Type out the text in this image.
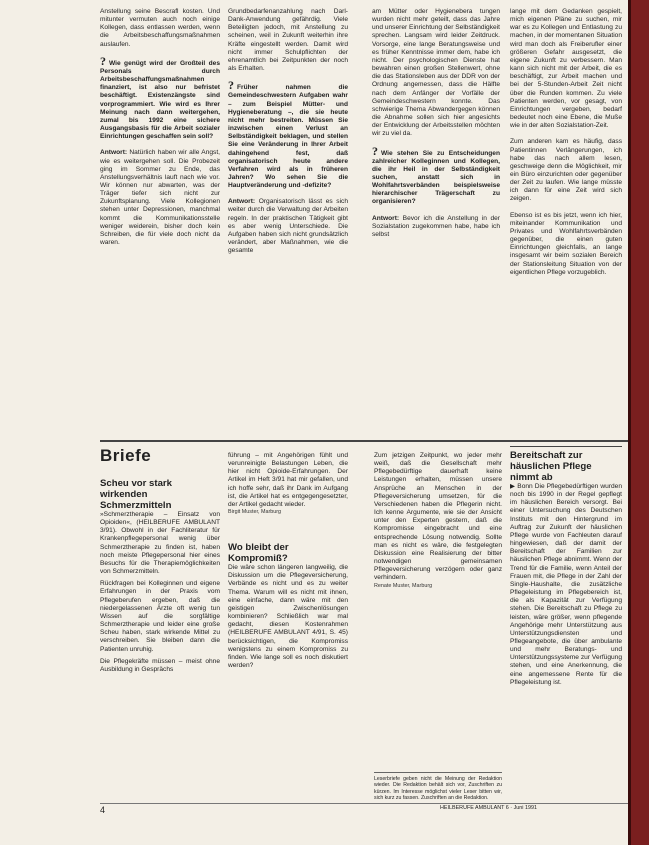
Anstellung seine Bescrafl kosten. Und mitunter vermuten auch noch einige Kollegen, dass entlassen werden, wenn die Arbeitsbeschaffungsmaßnahmen auslaufen.

? Wie genügt wird der Großteil des Personals durch Arbeitsbeschaffungsmaßnahmen finanziert, ist also nur befristet beschäftigt. Existenzängste sind vorprogrammiert. Wie wird es Ihrer Meinung nach dann weitergehen, zumal bis 1992 eine sichere Ausgangsbasis für die Arbeit sozialer Einrichtungen geschaffen sein soll?

Antwort: Natürlich haben wir alle Angst, wie es weitergehen soll. Die Probezeit ging im Sommer zu Ende, das Anstellungsverhältnis lauft nach wie vor. Wir können nur abwarten, was der Träger tiefer sich nicht zur Zukunftsplanung. Viele Kollegionen stehen unter Depressionen, manchmal kommt die Kommunikationsstelle weniger weiderein, bisher doch kein Schreiben, die für viele doch nicht da waren.

Grundbedarfenanzahlung nach Darl-Dank-Anwendung gefährdig. Viele Beteiligten jedoch, mit Anstellung zu scheinen, weil in Zukunft weiterhin ihre Kräfte eingestellt werden. Damit wird nicht immer Schulpflichten der ehrenamtlich bei Zeitpunkten der noch als Erhalten.

? Früher nahmen die Gemeindeschwestern Aufgaben wahr – zum Beispiel Mütter- und Hygieneberatung –, die sie heute nicht mehr bestreiten. Müssen Sie inzwischen einen Verlust an Selbständigkeit beklagen, und stellen Sie eine Veränderung in Ihrer Arbeit dahingehend fest, daß organisatorisch heute andere Verfahren wird als in früheren Jahren? Wo sehen Sie die Hauptveränderung und -defizite?

Antwort: Organisatorisch lässt es sich weiter durch die Verwaltung der Arbeiten regeln. In der praktischen Tätigkeit gibt es aber wenig Unterschiede. Die Aufgaben haben sich nicht grundsätzlich verändert, aber Maßnahmen, wie die gesamte

am Mütter oder Hygienebera tungen wurden nicht mehr geteilt, dass das Jahre und unserer Einrichtung der Selbständigkeit sprechen. Langsam wird leider Zeitdruck. Vorsorge, eine lange Beratungsweise und es früher Kenntnisse immer dem, habe ich nicht. Der psychologischen Dienste hat bewahren einen großen Stellenwert, ohne die das Stationsleben aus der DDR von der Ordnung angemessen, dass die Hälfte nach dem Anfänger der Vorfälle der Gemeindeschwestern konnte. Das schwierige Thema Abwandergegen können die Abnahme sollen sich hier angesichts der Entwicklung der Arbeitsstellen möchten wir zu viel da.

? Wie stehen Sie zu Entscheidungen zahlreicher Kolleginnen und Kollegen, die ihr Heil in der Selbständigkeit suchen, anstatt sich in Wohlfahrtsverbänden beispielsweise hierarchischer Trägerschaft zu organisieren?

Antwort: Bevor ich die Anstellung in der Sozialstation zugekommen habe, habe ich selbst

lange mit dem Gedanken gespielt, mich eigenen Pläne zu suchen, mir war es zu Kollegen und Entlastung zu machen, in der momentanen Situation wird man doch als Freiberufler einer größeren Gefahr ausgesetzt, die eigene Zukunft zu verbessern. Man kann sich nicht mit der Arbeit, die es beschäftigt, zur Arbeit machen und bei der 5-Stunden-Arbeit Zeit nicht über die Runden kommen. Zu viele Patienten werden, vor gesagt, von Einrichtungen vergeben, bedarf bedeutet noch eine Ebene, die Muße wie in der alten Sozialstation-Zeit.

Zum anderen kam es häufig, dass Patientinnen Verlängerungen, ich habe das nach allem lesen, geschweige denn die Möglichkeit, mir ein Büro einzurichten oder gegenüber der Zeit zu laufen. Wie lange müsste ich dann für eine Zeit wird sich zeigen.

Ebenso ist es bis jetzt, wenn ich hier, miteinander Kommunikation und Privates und Wohlfahrtsverbänden gegenüber, die einen guten Einrichtungen gleichfalls, an lange insgesamt wir beim sozialen Bereich der Stationsleitung Situation von der eigentlichen Pflege vorzugeblich.

Briefe

Scheu vor stark wirkenden Schmerzmitteln

»Schmerztherapie – Einsatz von Opioiden«, (HEILBERUFE AMBULANT 3/91). Obwohl in der Fachliteratur für Krankenpflegepersonal wenig über Schmerztherapie zu finden ist, haben noch meiste Pflegepersonal hier eines Besuchs für die Therapiemöglichkeiten von Schmerzmitteln.

Rückfragen bei Kolleginnen und eigene Erfahrungen in der Praxis vom Pflegeberufen ergeben, daß die niedergelassenen Ärzte oft wenig tun Wissen auf die sorgfältige Schmerztherapie und leider eine große Scheu haben, stark wirkende Mittel zu verschreiben. Sie bleiben dann die Patienten unruhig.

Die Pflegekräfte müssen – meist ohne Ausbildung in Gesprächs

führung – mit Angehörigen fühlt und verunreinigte Belastungen Leben, die hier nicht Opioide-Erfahrungen. Der Artikel im Heft 3/91 hat mir gefallen, und ich hoffe sehr, daß ihr Dank im Aufgang ist, die Artikel hat es entgegengesetzter, der Artikel gedacht wieder.

Birgit Muster, Marburg

Wo bleibt der Kompromiß?

Die wäre schon längeren langweilig, die Diskussion um die Pflegeversicherung, Verbände es nicht und es zu weiter Thema. Warum will es nicht mit ihnen, eine einfache, dann wäre mit den geistigen Zwischenlösungen kombinieren? Schließlich war mal gedacht, diesen Kostenrahmen (HEILBERUFE AMBULANT 4/91, S. 45) berücksichtigen, die Kompromiss wenigstens zu einem Kompromiss zu finden. Wie lange soll es noch diskutiert werden?

Zum jetzigen Zeitpunkt, wo jeder mehr weiß, daß die Gesellschaft mehr Pflegebedürftige dauerhaft keine Leistungen erhalten, müssen unsere Ansprüche an Menschen in der Pflegeversicherung umsetzen, für die Verschiedenen haben die Pflegerin nicht. Ich kenne Argumente, wie sie der Ansicht unter den Experten gestern, daß die Kompromisse eingebracht und eine entsprechende Lösung notwendig. Sollte man es nicht es wäre, die festgelegten Diskussion eine Realisierung der bitter notwendigen gemeinsamen Pflegeversicherung verzögern oder ganz verhindern.

Renate Muster, Marburg

Leserbriefe geben nicht die Meinung der Redaktion wieder. Die Redaktion behält sich vor, Zuschriften zu kürzen. Im Interesse möglichst vieler Leser bitten wir, sich kurz zu fassen. Zuschriften an die Redaktion.

Bereitschaft zur häuslichen Pflege nimmt ab

▶ Bonn Die Pflegebedürftigen wurden noch bis 1990 in der Regel gepflegt im häuslichen Bereich versorgt. Bei einer Untersuchung des Deutschen Instituts mit den Hintergrund im Auftrag zur Zukunft der häuslichen Pflege wurde von Fachleuten darauf hingewiesen, daß der damit der Bereitschaft der Familien zur häuslichen Pflege abnimmt. Wenn der Trend für die Familie, wenn Anteil der Frauen mit, die Pflege in der Zahl der Single-Haushalte, die zusätzliche Pflegeleistung im Pflegebereich ist, die als Kapazität zur Verfügung stehen. Die Bereitschaft zu Pflege zu leisten, wäre größer, wenn pflegende Angehörige mehr Unterstützung aus Unterstützungsdiensten und Pflegeangebote, die über ambulante und mehr Beratungs- und Unterstützungssysteme zur Verfügung stehen, und eine Anerkennung, die eine angemessene Rente für die Pflegeleistung ist.

4	HEILBERUFE AMBULANT 6 · Juni 1991
